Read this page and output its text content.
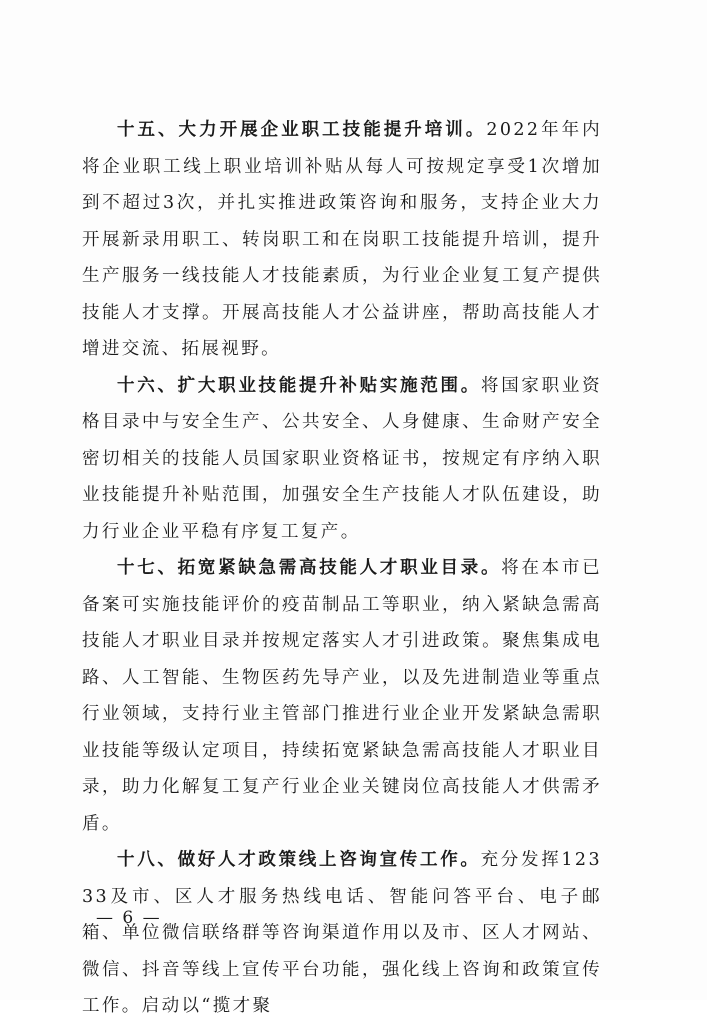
十五、大力开展企业职工技能提升培训。2022年年内将企业职工线上职业培训补贴从每人可按规定享受1次增加到不超过3次，并扎实推进政策咨询和服务，支持企业大力开展新录用职工、转岗职工和在岗职工技能提升培训，提升生产服务一线技能人才技能素质，为行业企业复工复产提供技能人才支撑。开展高技能人才公益讲座，帮助高技能人才增进交流、拓展视野。

十六、扩大职业技能提升补贴实施范围。将国家职业资格目录中与安全生产、公共安全、人身健康、生命财产安全密切相关的技能人员国家职业资格证书，按规定有序纳入职业技能提升补贴范围，加强安全生产技能人才队伍建设，助力行业企业平稳有序复工复产。

十七、拓宽紧缺急需高技能人才职业目录。将在本市已备案可实施技能评价的疫苗制品工等职业，纳入紧缺急需高技能人才职业目录并按规定落实人才引进政策。聚焦集成电路、人工智能、生物医药先导产业，以及先进制造业等重点行业领域，支持行业主管部门推进行业企业开发紧缺急需职业技能等级认定项目，持续拓宽紧缺急需高技能人才职业目录，助力化解复工复产行业企业关键岗位高技能人才供需矛盾。

十八、做好人才政策线上咨询宣传工作。充分发挥12333及市、区人才服务热线电话、智能问答平台、电子邮箱、单位微信联络群等咨询渠道作用以及市、区人才网站、微信、抖音等线上宣传平台功能，强化线上咨询和政策宣传工作。启动以“揽才聚

— 6 —
